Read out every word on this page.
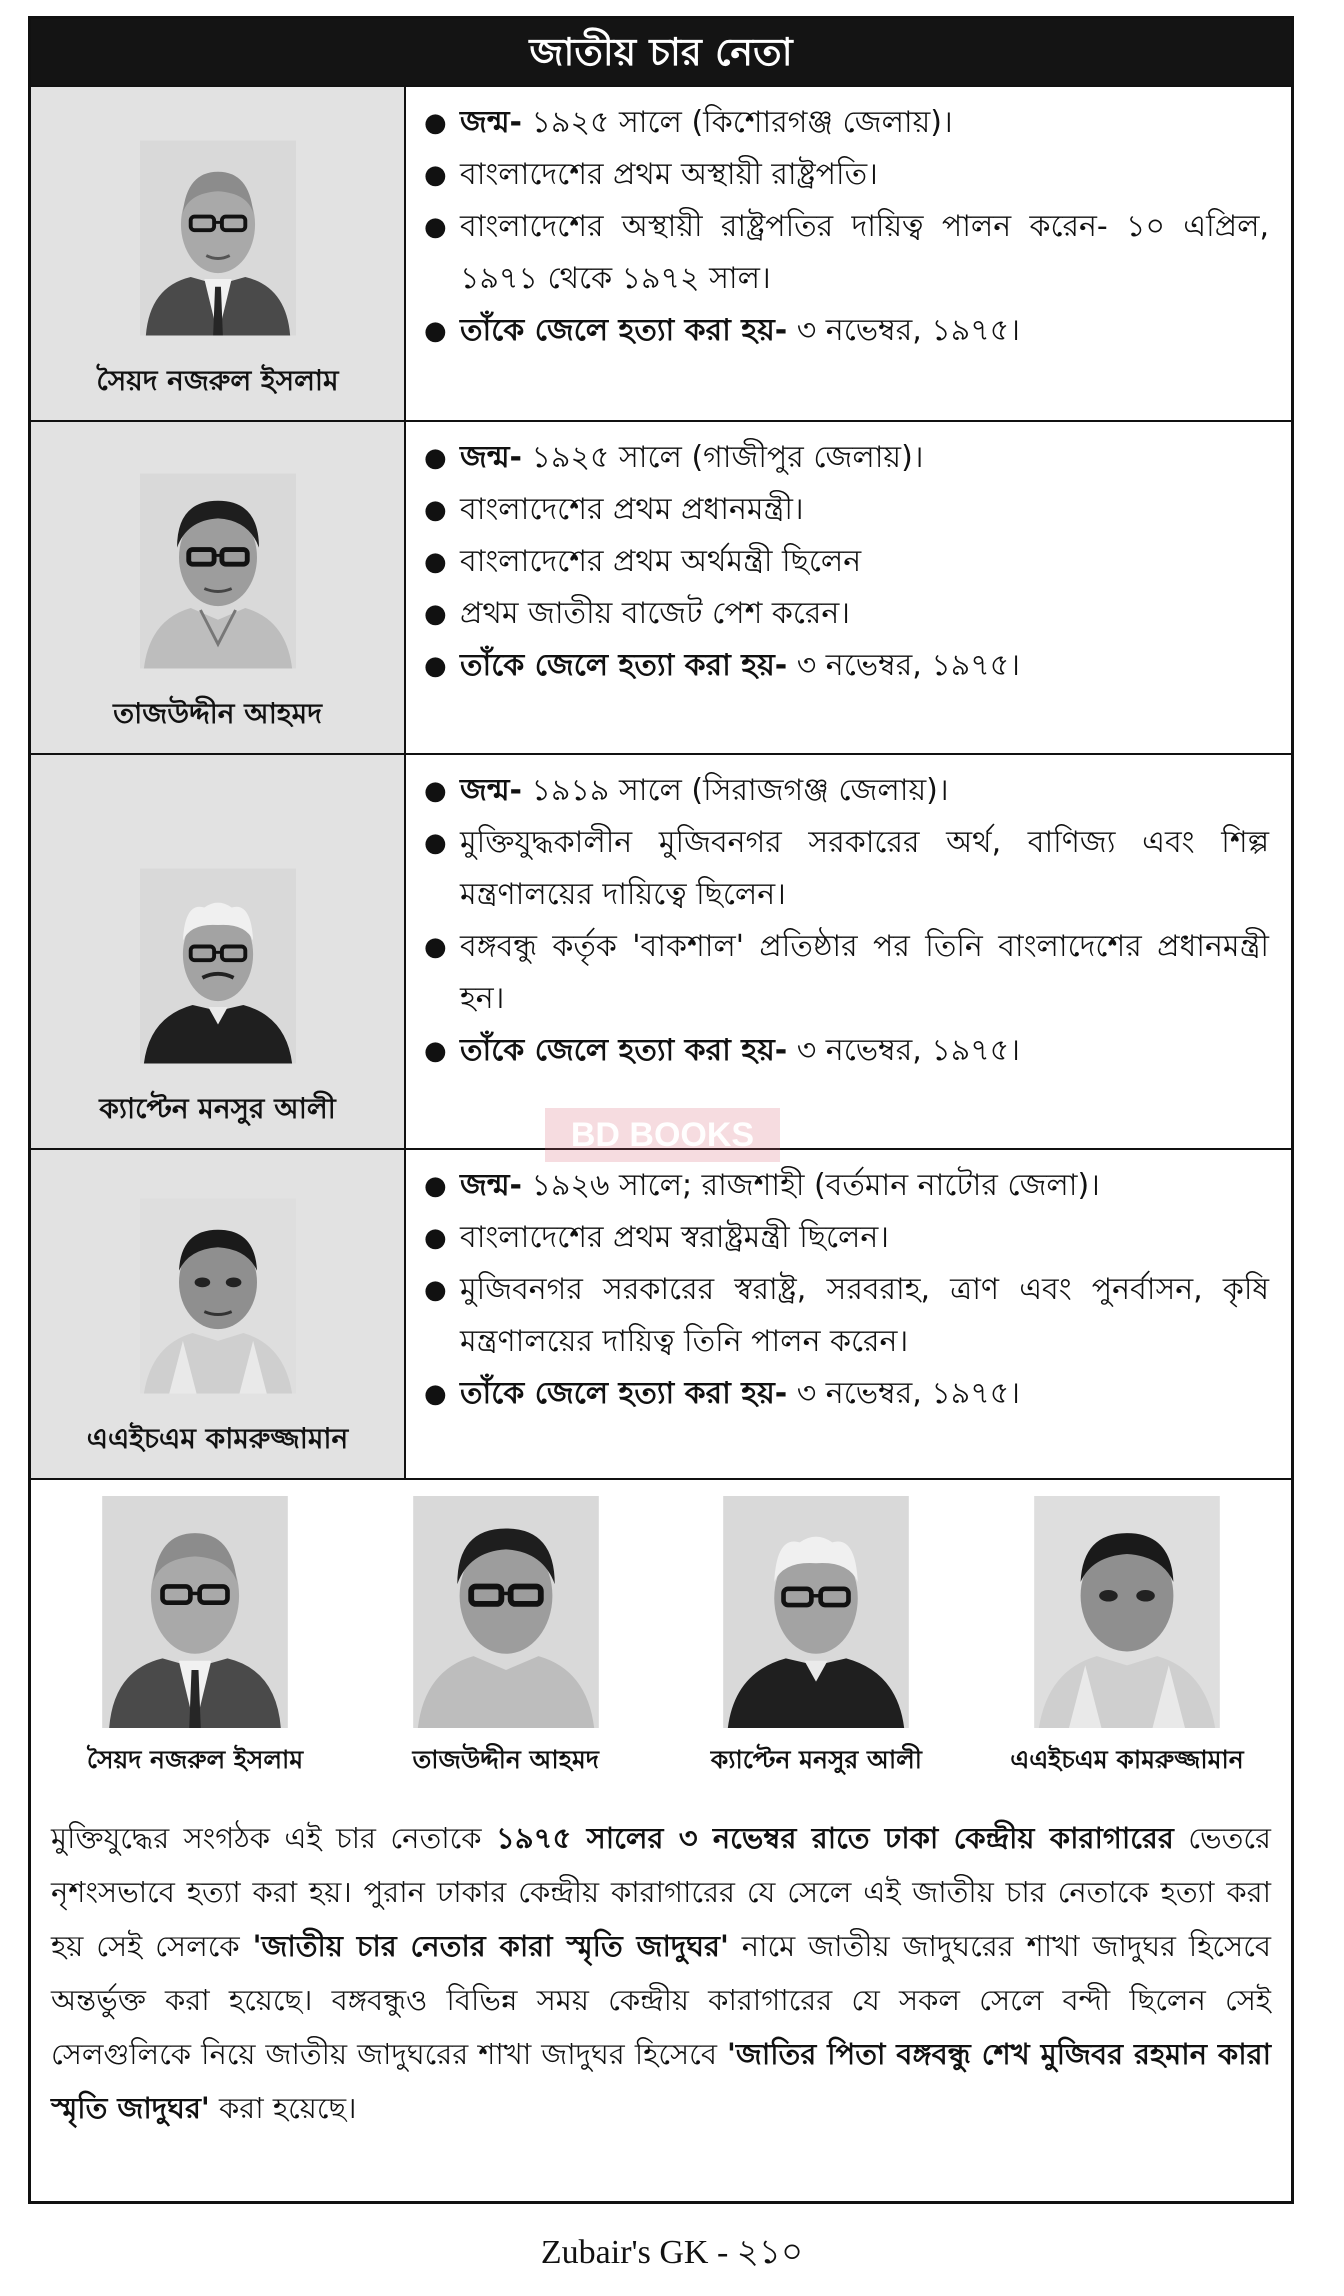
জাতীয় চার নেতা
সৈয়দ নজরুল ইসলাম
● জন্ম- ১৯২৫ সালে (কিশোরগঞ্জ জেলায়)।
● বাংলাদেশের প্রথম অস্থায়ী রাষ্ট্রপতি।
● বাংলাদেশের অস্থায়ী রাষ্ট্রপতির দায়িত্ব পালন করেন- ১০ এপ্রিল, ১৯৭১ থেকে ১৯৭২ সাল।
● তাঁকে জেলে হত্যা করা হয়- ৩ নভেম্বর, ১৯৭৫।
তাজউদ্দীন আহমদ
● জন্ম- ১৯২৫ সালে (গাজীপুর জেলায়)।
● বাংলাদেশের প্রথম প্রধানমন্ত্রী।
● বাংলাদেশের প্রথম অর্থমন্ত্রী ছিলেন
● প্রথম জাতীয় বাজেট পেশ করেন।
● তাঁকে জেলে হত্যা করা হয়- ৩ নভেম্বর, ১৯৭৫।
ক্যাপ্টেন মনসুর আলী
● জন্ম- ১৯১৯ সালে (সিরাজগঞ্জ জেলায়)।
● মুক্তিযুদ্ধকালীন মুজিবনগর সরকারের অর্থ, বাণিজ্য এবং শিল্প মন্ত্রণালয়ের দায়িত্বে ছিলেন।
● বঙ্গবন্ধু কর্তৃক 'বাকশাল' প্রতিষ্ঠার পর তিনি বাংলাদেশের প্রধানমন্ত্রী হন।
● তাঁকে জেলে হত্যা করা হয়- ৩ নভেম্বর, ১৯৭৫।
এএইচএম কামরুজ্জামান
● জন্ম- ১৯২৬ সালে; রাজশাহী (বর্তমান নাটোর জেলা)।
● বাংলাদেশের প্রথম স্বরাষ্ট্রমন্ত্রী ছিলেন।
● মুজিবনগর সরকারের স্বরাষ্ট্র, সরবরাহ, ত্রাণ এবং পুনর্বাসন, কৃষি মন্ত্রণালয়ের দায়িত্ব তিনি পালন করেন।
● তাঁকে জেলে হত্যা করা হয়- ৩ নভেম্বর, ১৯৭৫।
সৈয়দ নজরুল ইসলাম	তাজউদ্দীন আহমদ	ক্যাপ্টেন মনসুর আলী	এএইচএম কামরুজ্জামান

মুক্তিযুদ্ধের সংগঠক এই চার নেতাকে ১৯৭৫ সালের ৩ নভেম্বর রাতে ঢাকা কেন্দ্রীয় কারাগারের ভেতরে নৃশংসভাবে হত্যা করা হয়। পুরান ঢাকার কেন্দ্রীয় কারাগারের যে সেলে এই জাতীয় চার নেতাকে হত্যা করা হয় সেই সেলকে 'জাতীয় চার নেতার কারা স্মৃতি জাদুঘর' নামে জাতীয় জাদুঘরের শাখা জাদুঘর হিসেবে অন্তর্ভুক্ত করা হয়েছে। বঙ্গবন্ধুও বিভিন্ন সময় কেন্দ্রীয় কারাগারের যে সকল সেলে বন্দী ছিলেন সেই সেলগুলিকে নিয়ে জাতীয় জাদুঘরের শাখা জাদুঘর হিসেবে 'জাতির পিতা বঙ্গবন্ধু শেখ মুজিবর রহমান কারা স্মৃতি জাদুঘর' করা হয়েছে।

BD BOOKS
Zubair's GK - ২১০
